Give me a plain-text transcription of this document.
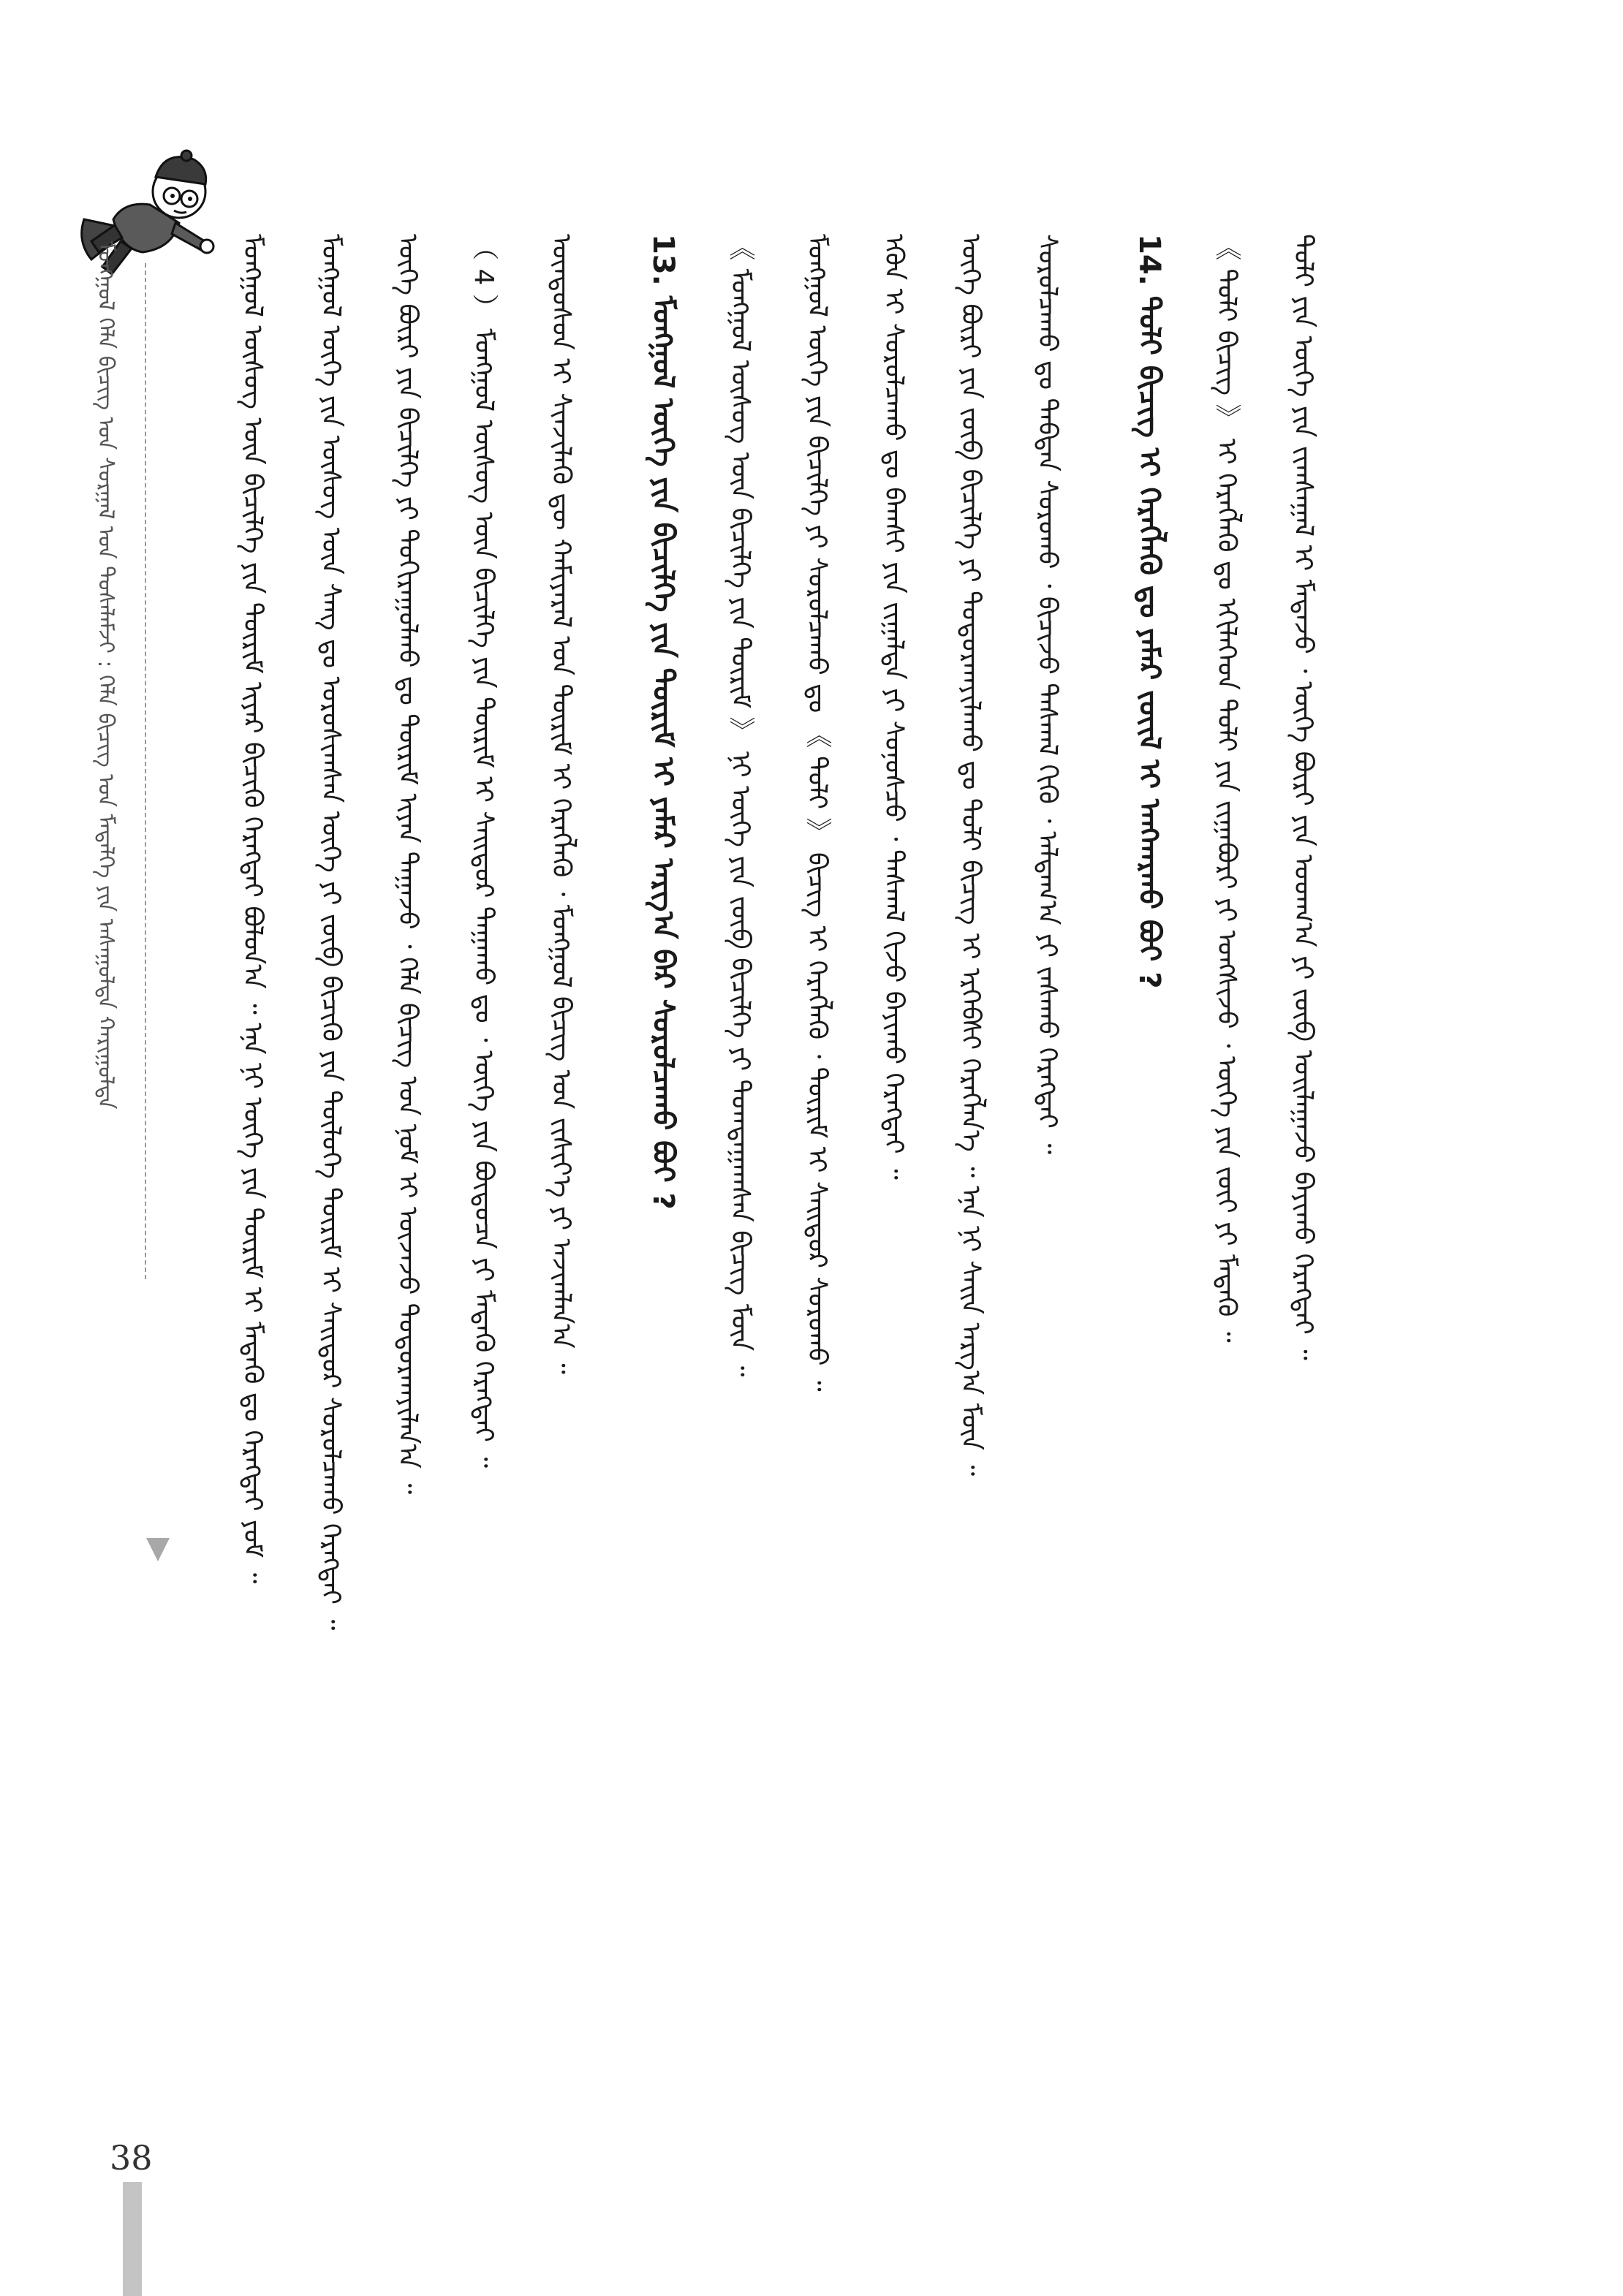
ᠮᠣᠩᠭᠣᠯ ᠬᠡᠯᠡ ᠪᠢᠴᠢᠭ᠌ ᠤᠨ ᠰᠤᠷᠭᠠᠯ ᠤᠨ ᠲᠤᠰᠠᠯᠠᠮᠵᠢ : ᠬᠡᠯᠡ ᠪᠢᠴᠢᠭ᠌ ᠤᠨ ᠮᠡᠳᠡᠯᠭᠡ ᠶᠢᠨ ᠠᠰᠠᠭᠤᠯᠲᠠ ᠬᠠᠷᠢᠭᠤᠯᠲᠠ	ᠮᠣᠩᠭᠣᠯ ᠦᠰᠦᠭ ᠦᠨ ᠪᠢᠴᠢᠯᠭᠡ ᠶᠢᠨ ᠳᠦᠷᠢᠮ ᠢᠶᠡᠷ ᠪᠢᠴᠢᠬᠦ ᠬᠡᠷᠡᠭᠲᠡᠢ ᠪᠣᠯᠤᠨ᠎ᠠ ᠃ ᠡᠨᠡ ᠨᠢ ᠦᠭᠡ ᠶᠢᠨ ᠳᠦᠷᠢᠮ ᠢ ᠮᠡᠳᠡᠬᠦ ᠳᠤ ᠬᠡᠷᠡᠭᠲᠡᠢ ᠶᠤᠮ ᠃ ᠮᠣᠩᠭᠣᠯ ᠦᠭᠡ ᠶᠢᠨ ᠦᠰᠦᠭ ᠦᠨ ᠰᠠᠩ ᠳᠤ ᠣᠷᠣᠰᠢᠭᠰᠠᠨ ᠦᠭᠡ ᠶᠢ ᠵᠥᠪ ᠪᠢᠴᠢᠬᠦ ᠶᠢᠨ ᠲᠥᠯᠥᠭᠡ ᠳᠦᠷᠢᠮ ᠢ ᠰᠠᠢᠲᠤᠷ ᠰᠤᠷᠤᠯᠴᠠᠬᠤ ᠬᠡᠷᠡᠭᠲᠡᠢ ᠃ ᠦᠭᠡ ᠪᠦᠷᠢ ᠶᠢᠨ ᠪᠢᠴᠢᠯᠭᠡ ᠶᠢ ᠲᠣᠬᠢᠷᠠᠭᠤᠯᠬᠤ ᠳᠤ ᠳᠦᠷᠢᠮ ᠢᠶᠡᠨ ᠳᠠᠭᠠᠵᠤ ᠂ ᠬᠡᠯᠡ ᠪᠢᠴᠢᠭ᠌ ᠤᠨ ᠨᠣᠮ ᠢ ᠦᠵᠡᠵᠦ ᠲᠣᠳᠣᠷᠬᠠᠶᠢᠯᠠᠨ᠎ᠠ ᠃ （ 4 ） ᠮᠣᠩᠭᠣᠯ ᠦᠰᠦᠭ ᠦᠨ ᠪᠢᠴᠢᠯᠭᠡ ᠶᠢᠨ ᠳᠦᠷᠢᠮ ᠢ ᠰᠠᠢᠲᠤᠷ ᠳᠠᠭᠠᠬᠤ ᠳᠤ ᠂ ᠦᠭᠡ ᠶᠢᠨ ᠪᠦᠲᠦᠴᠡ ᠶᠢ ᠮᠡᠳᠡᠬᠦ ᠬᠡᠷᠡᠭᠲᠡᠢ ᠃ ᠦᠨᠳᠦᠰᠦᠨ ᠢ ᠰᠢᠨᠵᠢᠯᠡᠬᠦ ᠳᠦ ᠬᠠᠮᠢᠶᠠᠷᠠᠯ ᠤᠨ ᠳᠦᠷᠢᠮ ᠢ ᠬᠡᠷᠡᠭᠯᠡᠬᠦ ᠂ ᠮᠣᠩᠭᠣᠯ ᠪᠢᠴᠢᠭ᠌ ᠤᠨ ᠵᠢᠱᠢᠶ᠎ᠡ ᠶᠢ ᠠᠵᠢᠭᠯᠠᠨ᠎ᠠ ᠃ 13. ᠮᠣᠩᠭᠣᠯ ᠦᠭᠡ ᠶᠢᠨ ᠪᠢᠴᠢᠯᠭᠡ ᠶᠢᠨ ᠳᠦᠷᠢᠮ ᠢ ᠶᠠᠮᠠᠷ ᠠᠷᠭ᠎ᠠ ᠪᠠᠷ ᠰᠤᠷᠤᠯᠴᠠᠬᠤ ᠪᠤᠢ ? 《 ᠮᠣᠩᠭᠣᠯ ᠦᠰᠦᠭ ᠦᠨ ᠪᠢᠴᠢᠯᠭᠡ ᠶᠢᠨ ᠳᠦᠷᠢᠮ 》 ᠨᠢ ᠦᠭᠡ ᠶᠢᠨ ᠵᠥᠪ ᠪᠢᠴᠢᠯᠭᠡ ᠶᠢ ᠲᠣᠭᠲᠠᠭᠠᠭᠰᠠᠨ ᠪᠢᠴᠢᠭ᠌ ᠮᠥᠨ ᠃ ᠮᠣᠩᠭᠣᠯ ᠦᠭᠡ ᠶᠢᠨ ᠪᠢᠴᠢᠯᠭᠡ ᠶᠢ ᠰᠤᠷᠤᠯᠴᠠᠬᠤ ᠳᠤ 《 ᠲᠣᠯᠢ 》 ᠪᠢᠴᠢᠭ᠌ ᠢ ᠬᠡᠷᠡᠭᠯᠡᠬᠦ ᠂ ᠳᠦᠷᠢᠮ ᠢ ᠰᠠᠢᠲᠤᠷ ᠰᠤᠷᠤᠬᠤ ᠃ ᠡᠭᠦᠨ ᠢ ᠰᠤᠷᠤᠯᠴᠠᠬᠤ ᠳᠤ ᠪᠠᠭᠰᠢ ᠶᠢᠨ ᠵᠢᠭᠠᠯᠲᠠ ᠶᠢ ᠰᠣᠨᠣᠰᠴᠤ ᠂ ᠳᠠᠰᠬᠠᠯ ᠬᠢᠵᠦ ᠪᠠᠶᠢᠬᠤ ᠬᠡᠷᠡᠭᠲᠡᠢ ᠃ ᠦᠭᠡ ᠪᠦᠷᠢ ᠶᠢᠨ ᠵᠥᠪ ᠪᠢᠴᠢᠯᠭᠡ ᠶᠢ ᠲᠣᠳᠣᠷᠬᠠᠶᠢᠯᠠᠬᠤ ᠳᠤ ᠲᠣᠯᠢ ᠪᠢᠴᠢᠭ᠌ ᠢ ᠡᠷᠬᠡᠪᠰᠢ ᠬᠡᠷᠡᠭᠯᠡᠨ᠎ᠡ ᠃ ᠡᠨᠡ ᠨᠢ ᠰᠠᠢᠨ ᠠᠷᠭ᠎ᠠ ᠮᠥᠨ ᠃ ᠰᠤᠷᠤᠯᠴᠠᠬᠤ ᠳᠤ ᠳᠠᠪᠲᠠᠨ ᠰᠤᠷᠤᠬᠤ ᠂ ᠪᠢᠴᠢᠵᠦ ᠳᠠᠰᠬᠠᠯ ᠬᠢᠬᠦ ᠂ ᠠᠯᠳᠠᠭ᠎ᠠ ᠶᠢ ᠵᠠᠰᠠᠬᠤ ᠬᠡᠷᠡᠭᠲᠡᠢ ᠃ 14. ᠲᠣᠯᠢ ᠪᠢᠴᠢᠭ᠌ ᠢ ᠬᠡᠷᠡᠭᠯᠡᠬᠦ ᠳᠤ ᠶᠠᠮᠠᠷ ᠵᠦᠢᠯ ᠢ ᠠᠩᠬᠠᠷᠬᠤ ᠪᠤᠢ ? 《 ᠲᠣᠯᠢ ᠪᠢᠴᠢᠭ᠌ 》 ᠢ ᠬᠡᠷᠡᠭᠯᠡᠬᠦ ᠳᠤ ᠡᠬᠢᠯᠡᠭᠡᠳ ᠲᠣᠯᠢ ᠶᠢᠨ ᠵᠢᠭᠠᠪᠤᠷᠢ ᠶᠢ ᠤᠩᠰᠢᠵᠤ ᠂ ᠦᠭᠡ ᠶᠢᠨ ᠵᠦᠢ ᠶᠢ ᠮᠡᠳᠡᠬᠦ ᠃ ᠲᠣᠯᠢ ᠶᠢᠨ ᠦᠭᠡ ᠶᠢᠨ ᠵᠢᠭᠰᠠᠭᠠᠯ ᠢ ᠮᠡᠳᠡᠵᠦ ᠂ ᠦᠭᠡ ᠪᠦᠷᠢ ᠶᠢᠨ ᠤᠳᠬ᠎ᠠ ᠶᠢ ᠵᠥᠪ ᠣᠢᠯᠠᠭᠠᠵᠤ ᠪᠠᠶᠢᠬᠤ ᠬᠡᠷᠡᠭᠲᠡᠢ ᠃
38
